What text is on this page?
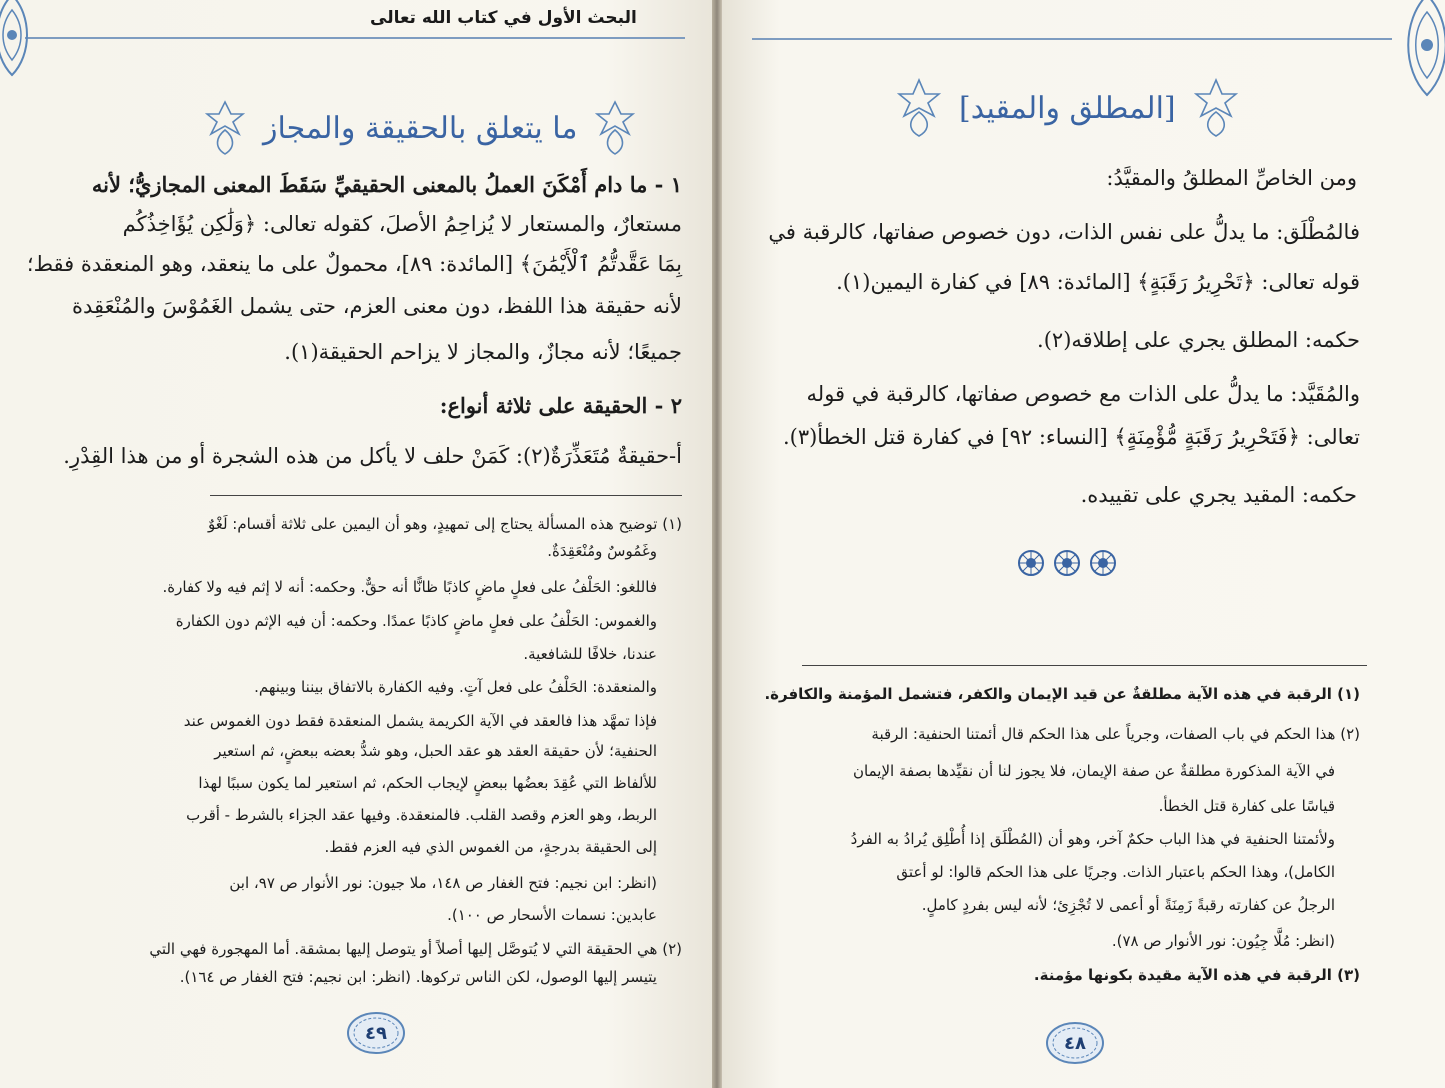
البحث الأول في كتاب الله تعالى
ما يتعلق بالحقيقة والمجاز
١ - ما دام أَمْكَنَ العملُ بالمعنى الحقيقيِّ سَقَطَ المعنى المجازيُّ؛ لأنه
مستعارٌ، والمستعار لا يُزاحِمُ الأصلَ، كقوله تعالى: ﴿وَلَٰكِن يُؤَاخِذُكُم
بِمَا عَقَّدتُّمُ ٱلْأَيْمَٰنَ﴾ [المائدة: ٨٩]، محمولٌ على ما ينعقد، وهو المنعقدة فقط؛
لأنه حقيقة هذا اللفظ، دون معنى العزم، حتى يشمل الغَمُوْسَ والمُنْعَقِدة
جميعًا؛ لأنه مجازٌ، والمجاز لا يزاحم الحقيقة(١).
٢ - الحقيقة على ثلاثة أنواع:
أ-حقيقةٌ مُتَعَذِّرَةٌ(٢): كَمَنْ حلف لا يأكل من هذه الشجرة أو من هذا القِدْرِ.
(١) توضيح هذه المسألة يحتاج إلى تمهيدٍ، وهو أن اليمين على ثلاثة أقسام: لَغْوٌ
وغَمُوسٌ ومُنْعَقِدَةٌ.
فاللغو: الحَلْفُ على فعلٍ ماضٍ كاذبًا ظانًّا أنه حقٌّ. وحكمه: أنه لا إثم فيه ولا كفارة.
والغموس: الحَلْفُ على فعلٍ ماضٍ كاذبًا عمدًا. وحكمه: أن فيه الإثم دون الكفارة
عندنا، خلافًا للشافعية.
والمنعقدة: الحَلْفُ على فعل آتٍ. وفيه الكفارة بالاتفاق بيننا وبينهم.
فإذا تمهَّد هذا فالعقد في الآية الكريمة يشمل المنعقدة فقط دون الغموس عند
الحنفية؛ لأن حقيقة العقد هو عقد الحبل، وهو شدُّ بعضه ببعضٍ، ثم استعير
للألفاظ التي عُقِدَ بعضُها ببعضٍ لإيجاب الحكم، ثم استعير لما يكون سببًا لهذا
الربط، وهو العزم وقصد القلب. فالمنعقدة. وفيها عقد الجزاء بالشرط - أقرب
إلى الحقيقة بدرجةٍ، من الغموس الذي فيه العزم فقط.
(انظر: ابن نجيم: فتح الغفار ص ١٤٨، ملا جيون: نور الأنوار ص ٩٧، ابن
عابدين: نسمات الأسحار ص ١٠٠).
(٢) هي الحقيقة التي لا يُتوصَّل إليها أصلاً أو يتوصل إليها بمشقة. أما المهجورة فهي التي
يتيسر إليها الوصول، لكن الناس تركوها. (انظر: ابن نجيم: فتح الغفار ص ١٦٤).
٤٩
[المطلق والمقيد]
ومن الخاصِّ المطلقُ والمقيَّدُ:
فالمُطْلَق: ما يدلُّ على نفس الذات، دون خصوص صفاتها، كالرقبة في
قوله تعالى: ﴿تَحْرِيرُ رَقَبَةٍ﴾ [المائدة: ٨٩] في كفارة اليمين(١).
حكمه: المطلق يجري على إطلاقه(٢).
والمُقَيَّد: ما يدلُّ على الذات مع خصوص صفاتها، كالرقبة في قوله
تعالى: ﴿فَتَحْرِيرُ رَقَبَةٍ مُّؤْمِنَةٍ﴾ [النساء: ٩٢] في كفارة قتل الخطأ(٣).
حكمه: المقيد يجري على تقييده.
(١) الرقبة في هذه الآية مطلقةٌ عن قيد الإيمان والكفر، فتشمل المؤمنة والكافرة.
(٢) هذا الحكم في باب الصفات، وجرياً على هذا الحكم قال أئمتنا الحنفية: الرقبة
في الآية المذكورة مطلقةٌ عن صفة الإيمان، فلا يجوز لنا أن نقيِّدها بصفة الإيمان
قياسًا على كفارة قتل الخطأ.
ولأئمتنا الحنفية في هذا الباب حكمٌ آخر، وهو أن (المُطْلَق إذا أُطْلِق يُرادُ به الفردُ
الكامل)، وهذا الحكم باعتبار الذات. وجريًا على هذا الحكم قالوا: لو أعتق
الرجلُ عن كفارته رقبةً زَمِنَةً أو أعمى لا تُجْزِئ؛ لأنه ليس بفردٍ كاملٍ.
(انظر: مُلَّا جِيُون: نور الأنوار ص ٧٨).
(٣) الرقبة في هذه الآية مقيدة بكونها مؤمنة.
٤٨
